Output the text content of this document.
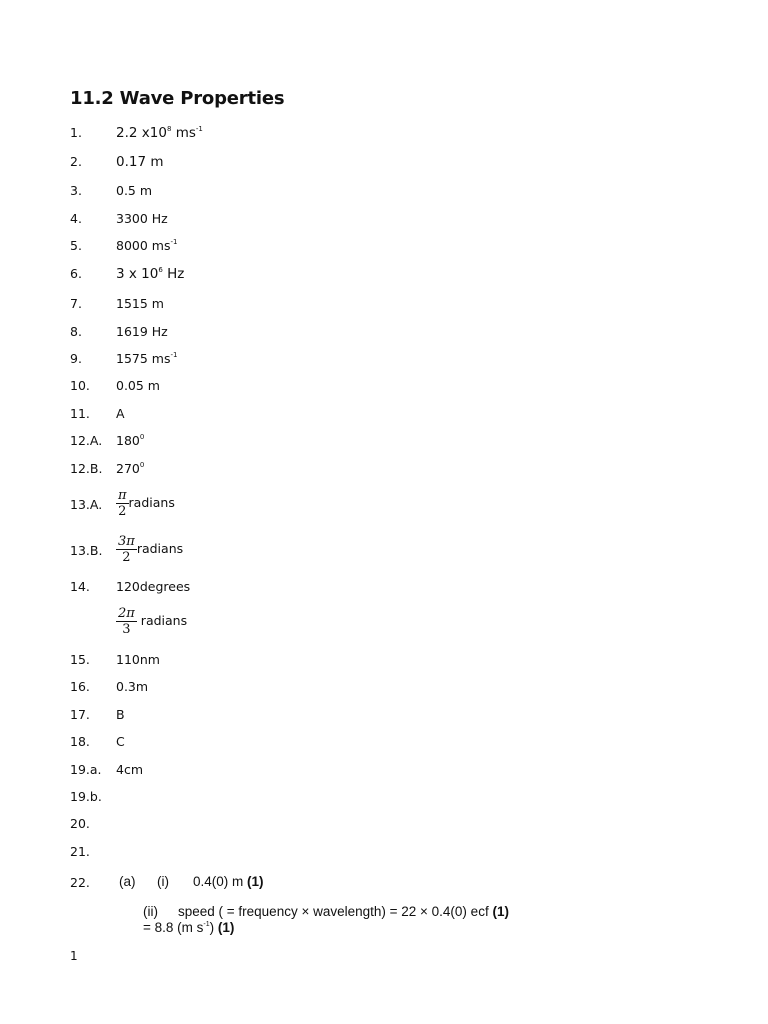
11.2 Wave Properties
1.	2.2 $x10^8$ $ms^{-1}$
2.	0.17 m
3.	0.5 m
4.	3300 Hz
5.	8000 $ms^{-1}$
6.	3 x $10^6$ Hz
7.	1515 m
8.	1619 Hz
9.	1575 $ms^{-1}$
10.	0.05 m
11.	A
12.A.	$180^0$
12.B.	$270^0$
13.A.	$\frac{\pi}{2}$ radians
13.B.	$\frac{3\pi}{2}$ radians
14.	120degrees
$\frac{2\pi}{3}$ radians
15.	110nm
16.	0.3m
17.	B
18.	C
19.a.	4cm
19.b.
20.
21.
22.	(a) (i) 0.4(0) m (1)
(ii) speed ( = frequency × wavelength) = 22 × 0.4(0) ecf (1)
= 8.8 (m $s^{-1}$) (1)
1
